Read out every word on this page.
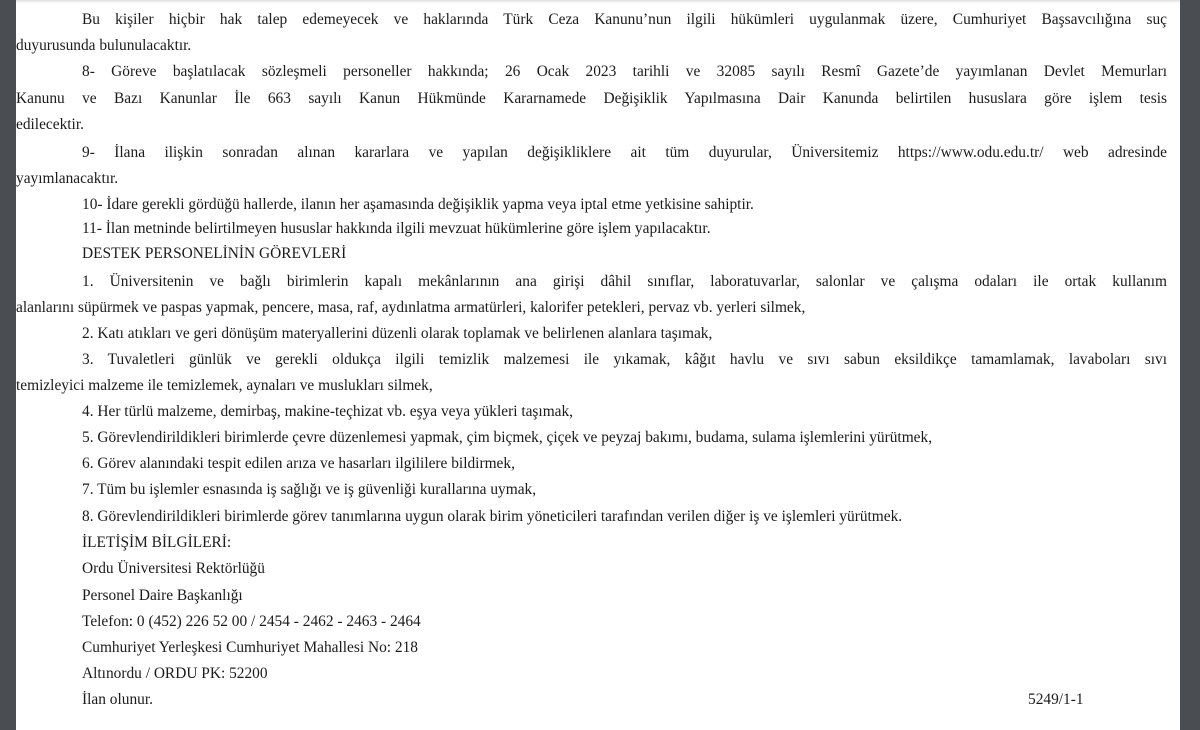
Bu kişiler hiçbir hak talep edemeyecek ve haklarında Türk Ceza Kanunu’nun ilgili hükümleri uygulanmak üzere, Cumhuriyet Başsavcılığına suç
duyurusunda bulunulacaktır.
8- Göreve başlatılacak sözleşmeli personeller hakkında; 26 Ocak 2023 tarihli ve 32085 sayılı Resmî Gazete’de yayımlanan Devlet Memurları
Kanunu ve Bazı Kanunlar İle 663 sayılı Kanun Hükmünde Kararnamede Değişiklik Yapılmasına Dair Kanunda belirtilen hususlara göre işlem tesis
edilecektir.
9- İlana ilişkin sonradan alınan kararlara ve yapılan değişikliklere ait tüm duyurular, Üniversitemiz https://www.odu.edu.tr/ web adresinde
yayımlanacaktır.
10- İdare gerekli gördüğü hallerde, ilanın her aşamasında değişiklik yapma veya iptal etme yetkisine sahiptir.
11- İlan metninde belirtilmeyen hususlar hakkında ilgili mevzuat hükümlerine göre işlem yapılacaktır.
DESTEK PERSONELİNİN GÖREVLERİ
1. Üniversitenin ve bağlı birimlerin kapalı mekânlarının ana girişi dâhil sınıflar, laboratuvarlar, salonlar ve çalışma odaları ile ortak kullanım
alanlarını süpürmek ve paspas yapmak, pencere, masa, raf, aydınlatma armatürleri, kalorifer petekleri, pervaz vb. yerleri silmek,
2. Katı atıkları ve geri dönüşüm materyallerini düzenli olarak toplamak ve belirlenen alanlara taşımak,
3. Tuvaletleri günlük ve gerekli oldukça ilgili temizlik malzemesi ile yıkamak, kâğıt havlu ve sıvı sabun eksildikçe tamamlamak, lavaboları sıvı
temizleyici malzeme ile temizlemek, aynaları ve muslukları silmek,
4. Her türlü malzeme, demirbaş, makine-teçhizat vb. eşya veya yükleri taşımak,
5. Görevlendirildikleri birimlerde çevre düzenlemesi yapmak, çim biçmek, çiçek ve peyzaj bakımı, budama, sulama işlemlerini yürütmek,
6. Görev alanındaki tespit edilen arıza ve hasarları ilgililere bildirmek,
7. Tüm bu işlemler esnasında iş sağlığı ve iş güvenliği kurallarına uymak,
8. Görevlendirildikleri birimlerde görev tanımlarına uygun olarak birim yöneticileri tarafından verilen diğer iş ve işlemleri yürütmek.
İLETİŞİM BİLGİLERİ:
Ordu Üniversitesi Rektörlüğü
Personel Daire Başkanlığı
Telefon: 0 (452) 226 52 00 / 2454 - 2462 - 2463 - 2464
Cumhuriyet Yerleşkesi Cumhuriyet Mahallesi No: 218
Altınordu / ORDU PK: 52200
İlan olunur.	5249/1-1
